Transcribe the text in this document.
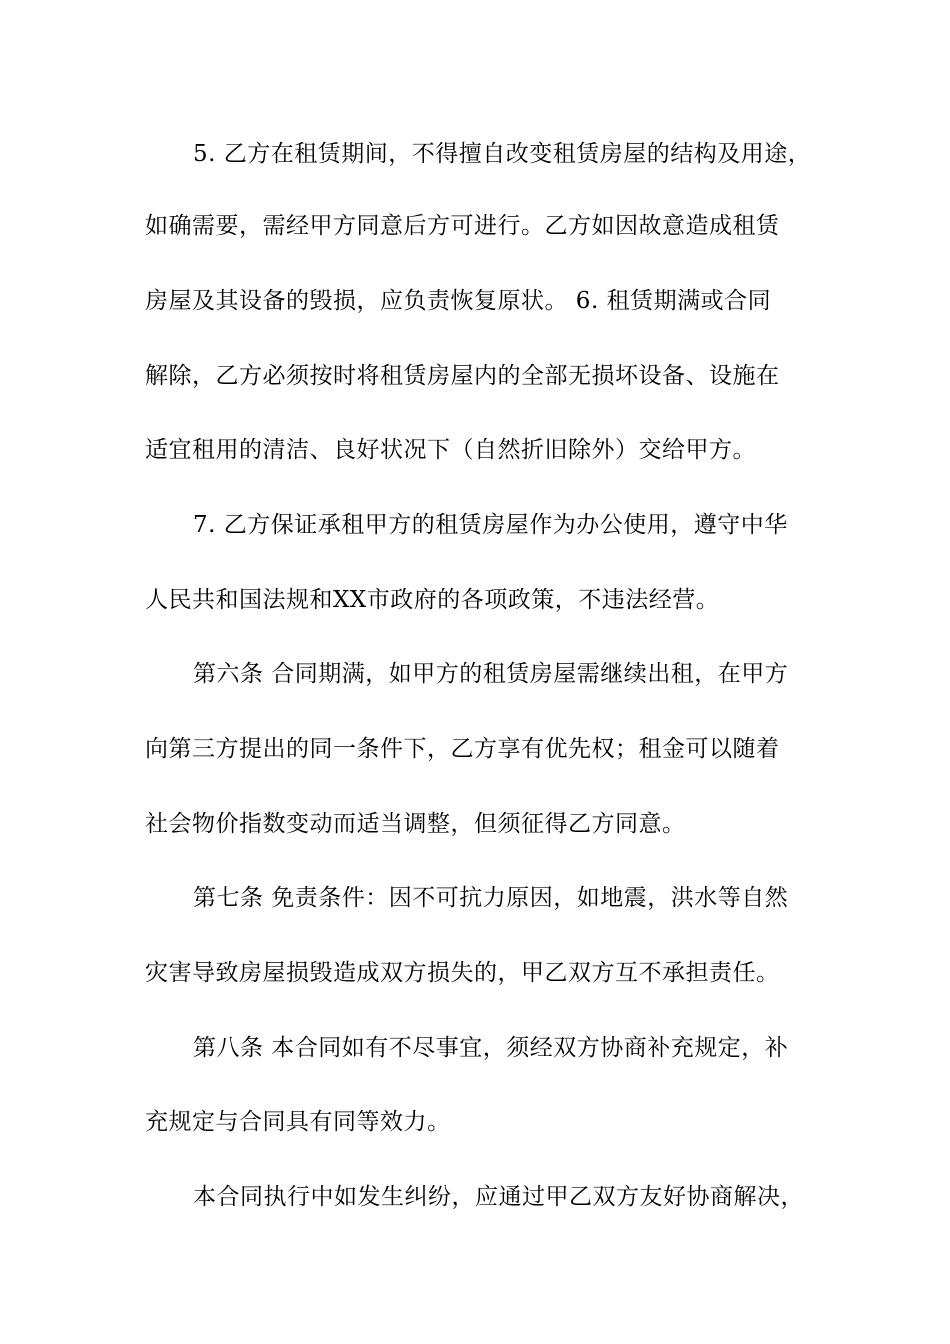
5. 乙方在租赁期间，不得擅自改变租赁房屋的结构及用途，
如确需要，需经甲方同意后方可进行。乙方如因故意造成租赁
房屋及其设备的毁损，应负责恢复原状。 6. 租赁期满或合同
解除，乙方必须按时将租赁房屋内的全部无损坏设备、设施在
适宜租用的清洁、良好状况下（自然折旧除外）交给甲方。
7. 乙方保证承租甲方的租赁房屋作为办公使用，遵守中华
人民共和国法规和XX市政府的各项政策，不违法经营。
第六条 合同期满，如甲方的租赁房屋需继续出租，在甲方
向第三方提出的同一条件下，乙方享有优先权；租金可以随着
社会物价指数变动而适当调整，但须征得乙方同意。
第七条 免责条件：因不可抗力原因，如地震，洪水等自然
灾害导致房屋损毁造成双方损失的，甲乙双方互不承担责任。
第八条 本合同如有不尽事宜，须经双方协商补充规定，补
充规定与合同具有同等效力。
本合同执行中如发生纠纷，应通过甲乙双方友好协商解决，
